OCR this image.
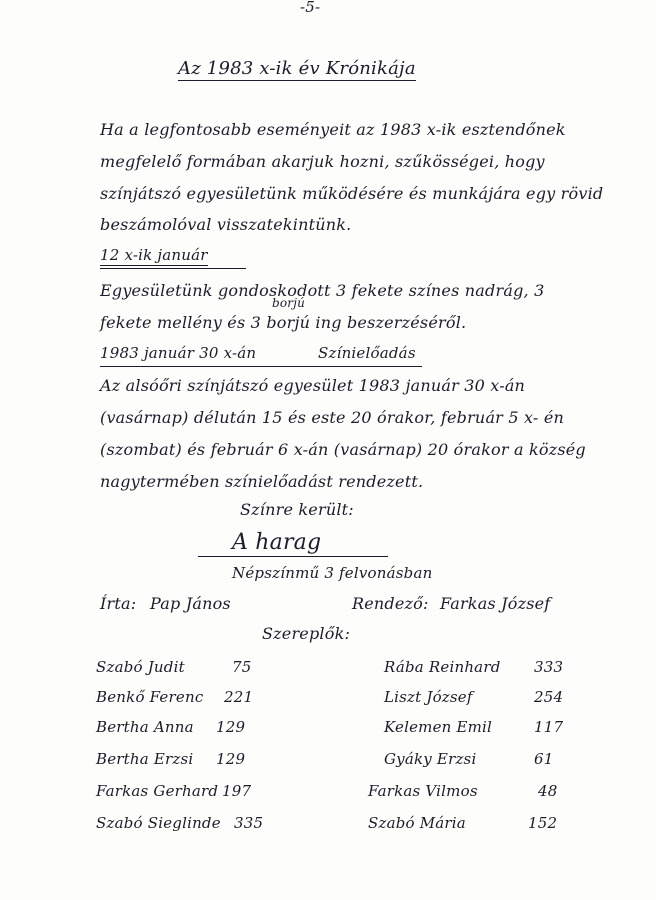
-5-
Az 1983 x-ik év Krónikája
Ha a legfontosabb eseményeit az 1983 x-ik esztendőnek
megfelelő formában akarjuk hozni, szűkösségei, hogy
színjátszó egyesületünk működésére és munkájára egy rövid
beszámolóval visszatekintünk.
12 x-ik január
borjú
Egyesületünk gondoskodott 3 fekete színes nadrág, 3
fekete mellény és 3 borjú ing beszerzéséről.
1983 január 30 x-án	Színielőadás
Az alsóőri színjátszó egyesület 1983 január 30 x-án
(vasárnap) délután 15 és este 20 órakor, február 5 x- én
(szombat) és február 6 x-án (vasárnap) 20 órakor a község
nagytermében színielőadást rendezett.
Színre került:
A harag
Népszínmű 3 felvonásban
Írta: Pap János	Rendező: Farkas József
Szereplők:
Szabó Judit	75
Benkő Ferenc 221
Bertha Anna 129
Bertha Erzsi 129
Farkas Gerhard 197
Szabó Sieglinde 335
Rába Reinhard 333
Liszt József	254
Kelemen Emil	117
Gyáky Erzsi	61
Farkas Vilmos	48
Szabó Mária	152
